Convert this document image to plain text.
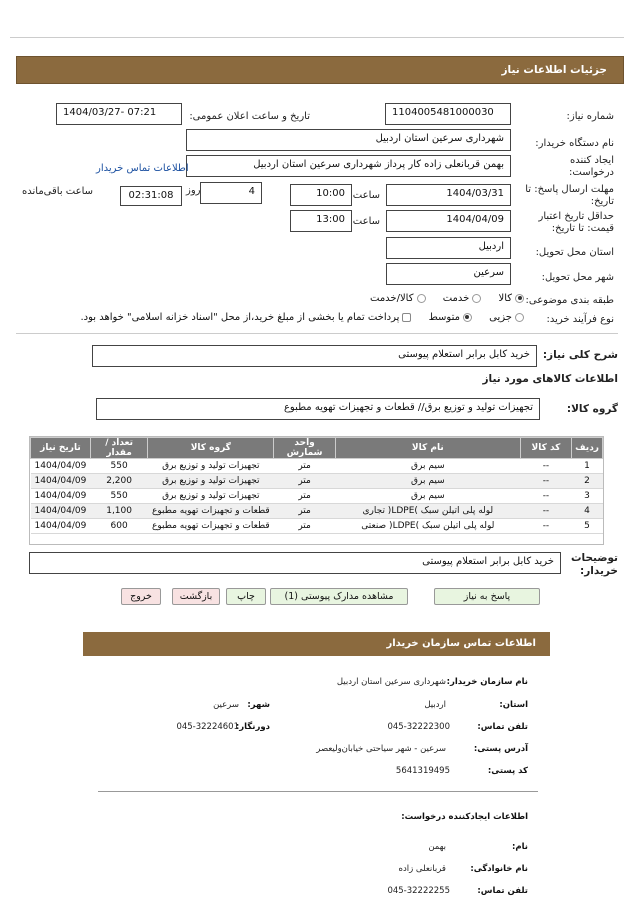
جزئیات اطلاعات نیاز
شماره نیاز:
1104005481000030
تاریخ و ساعت اعلان عمومی:
1404/03/27- 07:21
نام دستگاه خریدار:
شهرداری سرعین استان اردبیل
ایجاد کننده
درخواست:
بهمن قربانعلی زاده کار پرداز شهرداری سرعین استان اردبیل
اطلاعات تماس خریدار
مهلت ارسال پاسخ: تا
تاریخ:
1404/03/31
ساعت
10:00
4
روز
02:31:08
ساعت باقی‌مانده
حداقل تاریخ اعتبار
قیمت: تا تاریخ:
1404/04/09
ساعت
13:00
استان محل تحویل:
اردبیل
شهر محل تحویل:
سرعین
طبقه بندی موضوعی:
کالا خدمت کالا/خدمت
نوع فرآیند خرید:
جزیی متوسط پرداخت تمام یا بخشی از مبلغ خرید،از محل "اسناد خزانه اسلامی" خواهد بود.
شرح کلی نیاز:
خرید کابل برابر استعلام پیوستی
اطلاعات کالاهای مورد نیاز
گروه کالا:
تجهیزات تولید و توزیع برق// قطعات و تجهیزات تهویه مطبوع
ردیف	کد کالا	نام کالا	واحد شمارش	گروه کالا	تعداد / مقدار	تاریخ نیاز
1	--	سیم برق	متر	تجهیزات تولید و توزیع برق	550	1404/04/09
2	--	سیم برق	متر	تجهیزات تولید و توزیع برق	2,200	1404/04/09
3	--	سیم برق	متر	تجهیزات تولید و توزیع برق	550	1404/04/09
4	--	لوله پلی اتیلن سبک )LDPE( تجاری	متر	قطعات و تجهیزات تهویه مطبوع	1,100	1404/04/09
5	--	لوله پلی اتیلن سبک )LDPE( صنعتی	متر	قطعات و تجهیزات تهویه مطبوع	600	1404/04/09
توضیحات
خریدار:
خرید کابل برابر استعلام پیوستی
پاسخ به نیاز
مشاهده مدارک پیوستی (1)
چاپ
بازگشت
خروج
اطلاعات تماس سازمان خریدار
نام سازمان خریدار:
شهرداری سرعین استان اردبیل
استان:
اردبیل
شهر:
سرعین
تلفن تماس:
045-32222300
دورنگار:
045-32224601
آدرس پستی:
سرعین - شهر سیاحتی خیابان‌ولیعصر
کد پستی:
5641319495
اطلاعات ایجادکننده درخواست:
نام:
بهمن
نام خانوادگی:
قربانعلی زاده
تلفن تماس:
045-32222255
